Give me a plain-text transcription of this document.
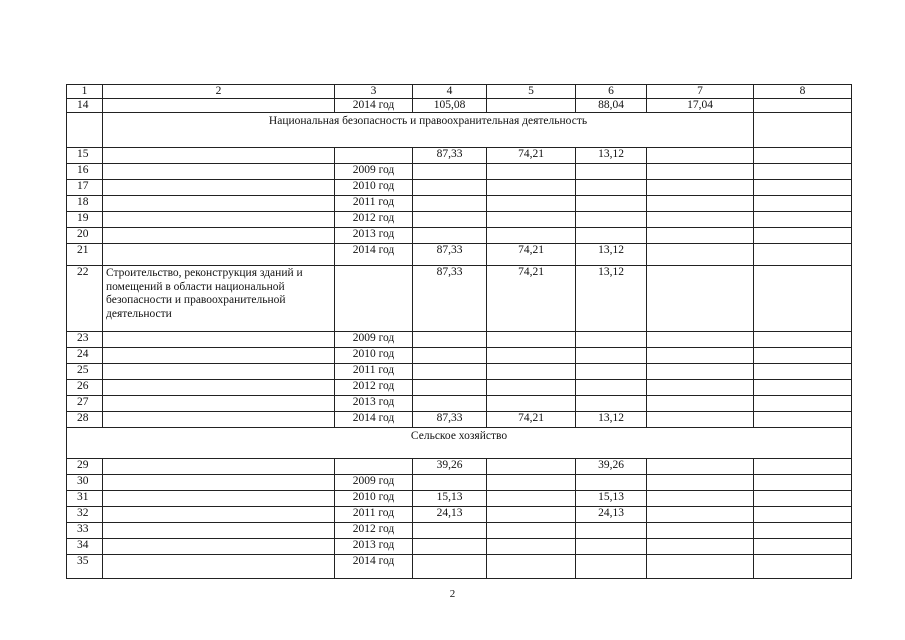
1	2	3	4	5	6	7	8
14		2014 год	105,08		88,04	17,04	
	Национальная безопасность и правоохранительная деятельность						
15			87,33	74,21	13,12		
16		2009 год					
17		2010 год					
18		2011 год					
19		2012 год					
20		2013 год					
21		2014 год	87,33	74,21	13,12		
22	Строительство, реконструкция зданий и помещений в области национальной безопасности и правоохранительной деятельности		87,33	74,21	13,12		
23		2009 год					
24		2010 год					
25		2011 год					
26		2012 год					
27		2013 год					
28		2014 год	87,33	74,21	13,12		
Сельское хозяйство							
29			39,26		39,26		
30		2009 год					
31		2010 год	15,13		15,13		
32		2011 год	24,13		24,13		
33		2012 год					
34		2013 год					
35		2014 год					
2
